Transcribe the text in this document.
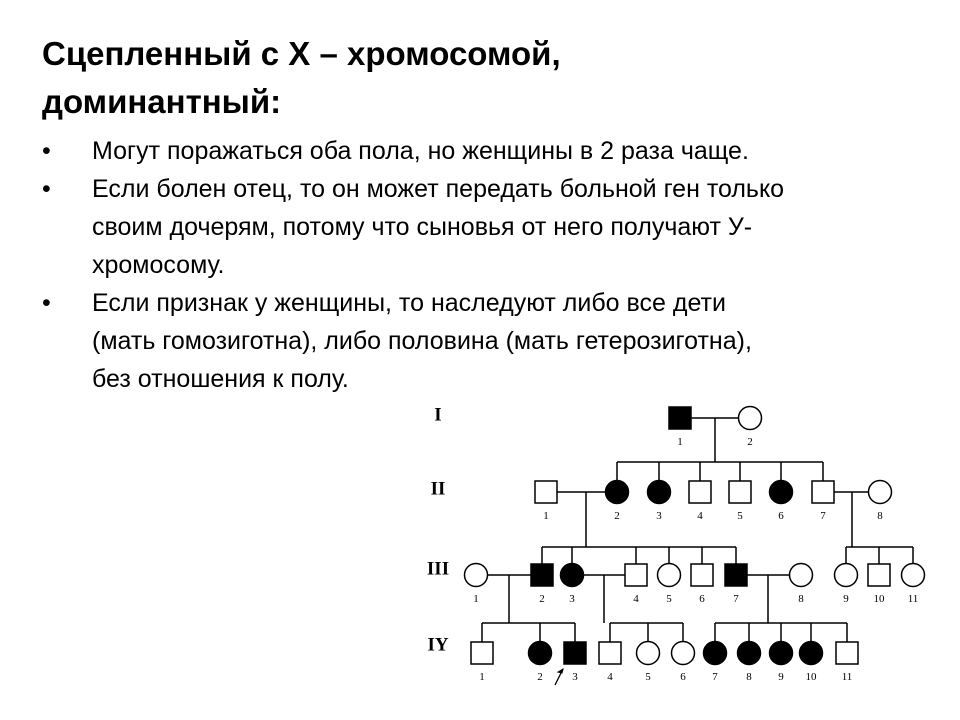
Сцепленный с X – хромосомой,
доминантный:
• Могут поражаться оба пола, но женщины в 2 раза чаще.
• Если болен отец, то он может передать больной ген только
своим дочерям, потому что сыновья от него получают У-
хромосому.
• Если признак у женщины, то наследуют либо все дети
(мать гомозиготна), либо половина (мать гетерозиготна),
без отношения к полу.
I
II
III
IY
1	2
1	2	3	4	5	6	7	8
1	2 3	4	5	6	7	8	9 10 11
1	2	3	4	5	6 7	8 9 10 11
